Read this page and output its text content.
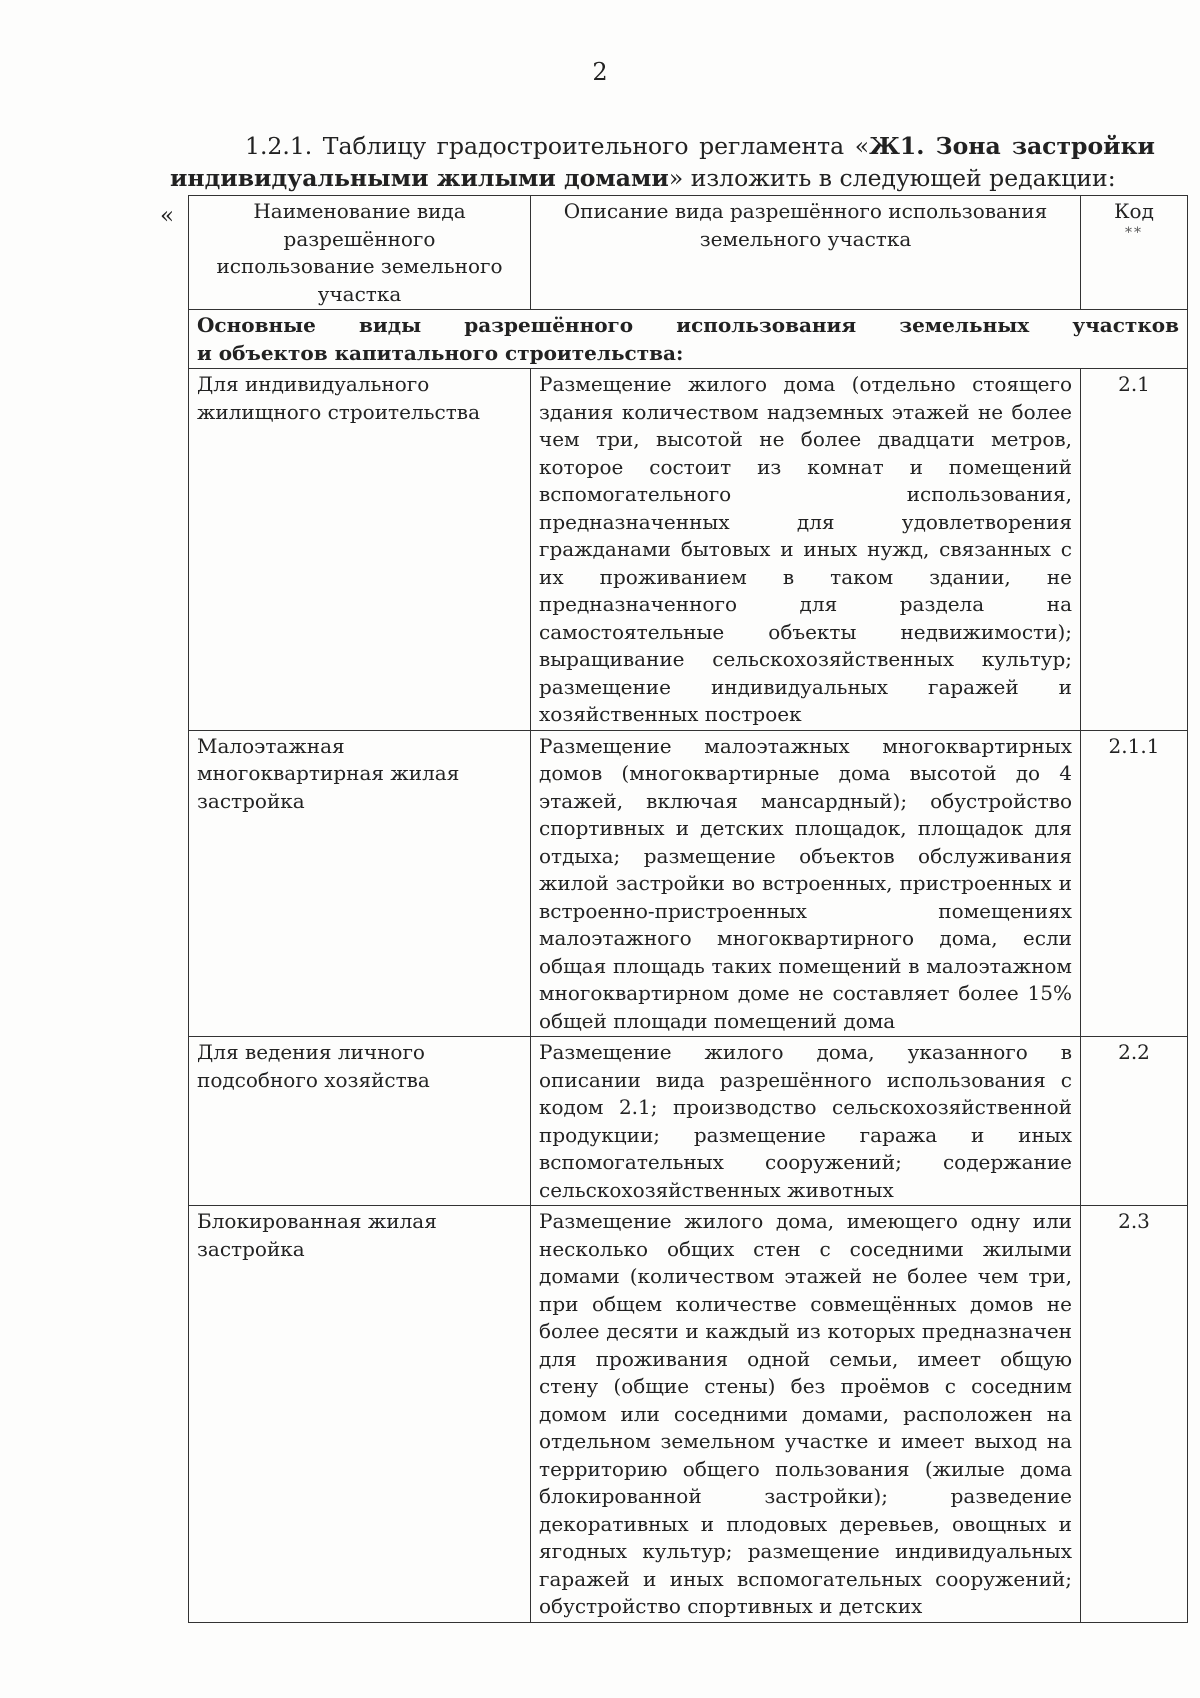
2
1.2.1. Таблицу градостроительного регламента «Ж1. Зона застройки индивидуальными жилыми домами» изложить в следующей редакции:
«	Наименование вида разрешённого использование земельного участка	Описание вида разрешённого использования земельного участка	Код
**

Основные виды разрешённого использования земельных участков
и объектов капитального строительства:		

Для индивидуального жилищного строительства	Размещение жилого дома (отдельно стоящего здания количеством надземных этажей не более чем три, высотой не более двадцати метров, которое состоит из комнат и помещений вспомогательного использования, предназначенных для удовлетворения гражданами бытовых и иных нужд, связанных с их проживанием в таком здании, не предназначенного для раздела на самостоятельные объекты недвижимости); выращивание сельскохозяйственных культур; размещение индивидуальных гаражей и хозяйственных построек	2.1
Малоэтажная многоквартирная жилая застройка	Размещение малоэтажных многоквартирных домов (многоквартирные дома высотой до 4 этажей, включая мансардный); обустройство спортивных и детских площадок, площадок для отдыха; размещение объектов обслуживания жилой застройки во встроенных, пристроенных и встроенно-пристроенных помещениях малоэтажного многоквартирного дома, если общая площадь таких помещений в малоэтажном многоквартирном доме не составляет более 15% общей площади помещений дома	2.1.1
Для ведения личного подсобного хозяйства	Размещение жилого дома, указанного в описании вида разрешённого использования с кодом 2.1; производство сельскохозяйственной продукции; размещение гаража и иных вспомогательных сооружений; содержание сельскохозяйственных животных	2.2
Блокированная жилая застройка	Размещение жилого дома, имеющего одну или несколько общих стен с соседними жилыми домами (количеством этажей не более чем три, при общем количестве совмещённых домов не более десяти и каждый из которых предназначен для проживания одной семьи, имеет общую стену (общие стены) без проёмов с соседним домом или соседними домами, расположен на отдельном земельном участке и имеет выход на территорию общего пользования (жилые дома блокированной застройки); разведение декоративных и плодовых деревьев, овощных и ягодных культур; размещение индивидуальных гаражей и иных вспомогательных сооружений; обустройство спортивных и детских	2.3
